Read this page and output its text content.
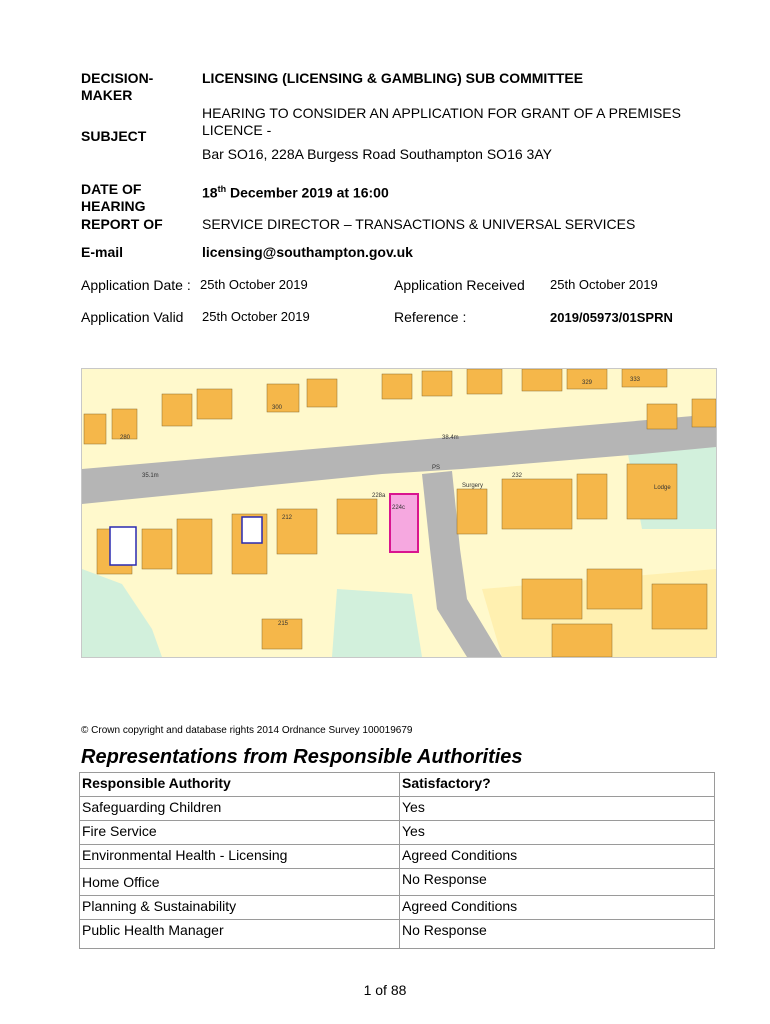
DECISION-MAKER
LICENSING (LICENSING & GAMBLING) SUB COMMITTEE
SUBJECT
HEARING TO CONSIDER AN APPLICATION FOR GRANT OF A PREMISES LICENCE -
Bar SO16, 228A Burgess Road Southampton SO16 3AY
DATE OF HEARING
18th December 2019 at 16:00
REPORT OF	SERVICE DIRECTOR – TRANSACTIONS & UNIVERSAL SERVICES
E-mail	licensing@southampton.gov.uk
Application Date : 25th October 2019	Application Received 25th October 2019
Application Valid 25th October 2019	Reference :	2019/05973/01SPRN
329	333
300
280	38.4m
35.1m
Surgery
232
228a
224c
212
Lodge
215
PS
© Crown copyright and database rights 2014 Ordnance Survey 100019679
Representations from Responsible Authorities
Responsible Authority	Satisfactory?
Safeguarding Children	Yes
Fire Service	Yes
Environmental Health - Licensing	Agreed Conditions
Home Office	No Response
Planning & Sustainability	Agreed Conditions
Public Health Manager	No Response
1 of 88
